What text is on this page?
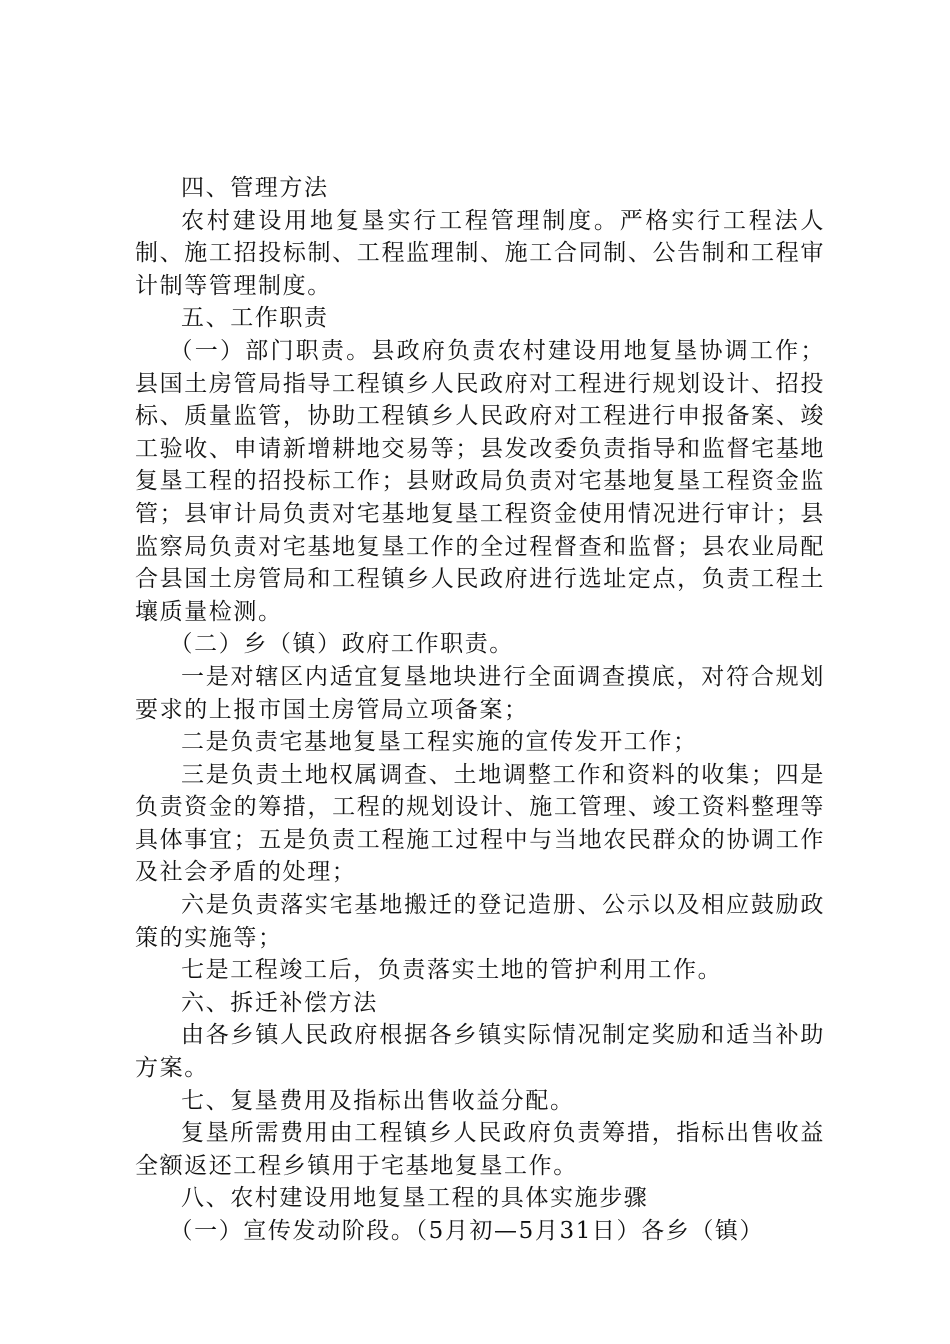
四、管理方法

农村建设用地复垦实行工程管理制度。严格实行工程法人制、施工招投标制、工程监理制、施工合同制、公告制和工程审计制等管理制度。

五、工作职责

（一）部门职责。县政府负责农村建设用地复垦协调工作；县国土房管局指导工程镇乡人民政府对工程进行规划设计、招投标、质量监管，协助工程镇乡人民政府对工程进行申报备案、竣工验收、申请新增耕地交易等；县发改委负责指导和监督宅基地复垦工程的招投标工作；县财政局负责对宅基地复垦工程资金监管；县审计局负责对宅基地复垦工程资金使用情况进行审计；县监察局负责对宅基地复垦工作的全过程督查和监督；县农业局配合县国土房管局和工程镇乡人民政府进行选址定点，负责工程土壤质量检测。

（二）乡（镇）政府工作职责。

一是对辖区内适宜复垦地块进行全面调查摸底，对符合规划要求的上报市国土房管局立项备案；

二是负责宅基地复垦工程实施的宣传发开工作；

三是负责土地权属调查、土地调整工作和资料的收集；四是负责资金的筹措，工程的规划设计、施工管理、竣工资料整理等具体事宜；五是负责工程施工过程中与当地农民群众的协调工作及社会矛盾的处理；

六是负责落实宅基地搬迁的登记造册、公示以及相应鼓励政策的实施等；

七是工程竣工后，负责落实土地的管护利用工作。

六、拆迁补偿方法

由各乡镇人民政府根据各乡镇实际情况制定奖励和适当补助方案。

七、复垦费用及指标出售收益分配。

复垦所需费用由工程镇乡人民政府负责筹措，指标出售收益全额返还工程乡镇用于宅基地复垦工作。

八、农村建设用地复垦工程的具体实施步骤

（一）宣传发动阶段。（5月初—5月31日）各乡（镇）
